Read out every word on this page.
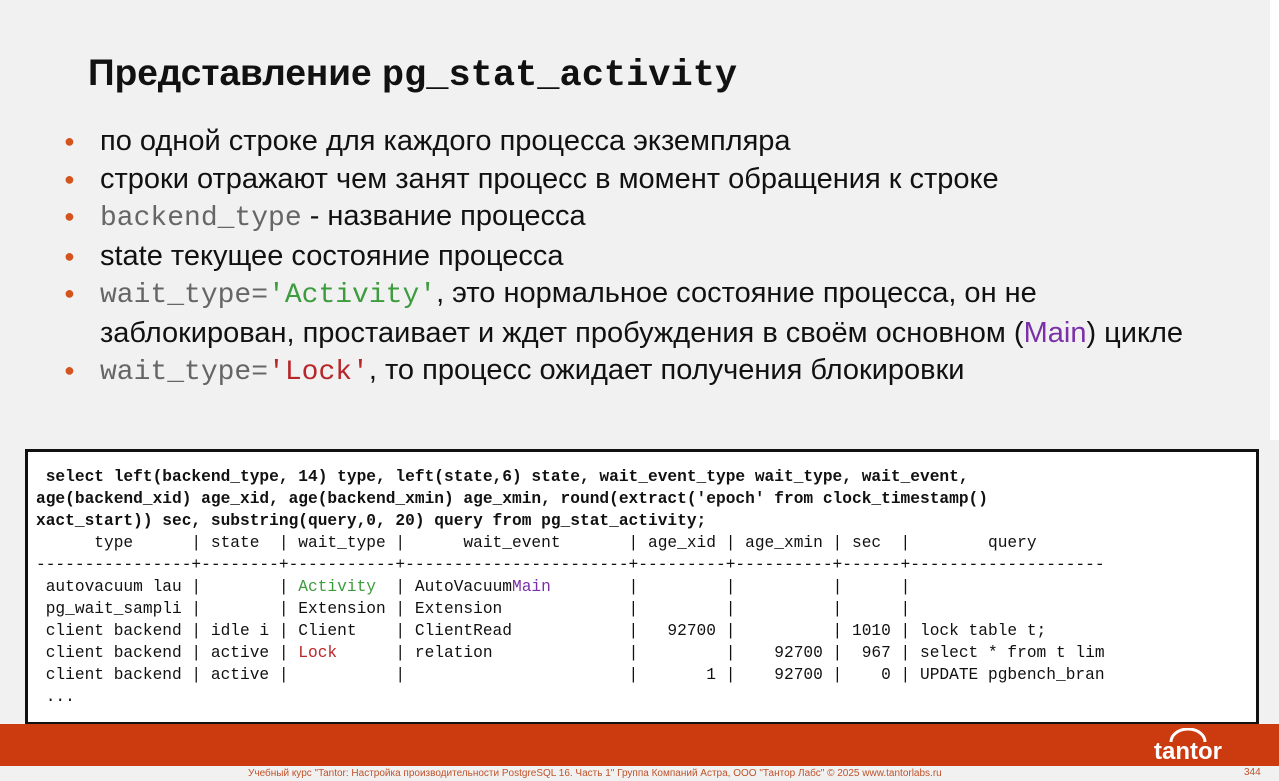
Представление pg_stat_activity
● по одной строке для каждого процесса экземпляра
● строки отражают чем занят процесс в момент обращения к строке
● backend_type - название процесса
● state текущее состояние процесса
● wait_type='Activity', это нормальное состояние процесса, он не заблокирован, простаивает и ждет пробуждения в своём основном (Main) цикле
● wait_type='Lock', то процесс ожидает получения блокировки
select left(backend_type, 14) type, left(state,6) state, wait_event_type wait_type, wait_event,
age(backend_xid) age_xid, age(backend_xmin) age_xmin, round(extract('epoch' from clock_timestamp()
xact_start)) sec, substring(query,0, 20) query from pg_stat_activity;
type      | state  | wait_type |      wait_event       | age_xid | age_xmin | sec  |        query
----------------+--------+-----------+-----------------------+---------+----------+------+--------------------
autovacuum lau |        | Activity  | AutoVacuumMain        |         |          |      |
pg_wait_sampli |        | Extension | Extension             |         |          |      |
client backend | idle i | Client    | ClientRead            |   92700 |          | 1010 | lock table t;
client backend | active | Lock      | relation              |         |    92700 |  967 | select * from t lim
client backend | active |           |                       |       1 |    92700 |    0 | UPDATE pgbench_bran
...
tantor
Учебный курс "Tantor: Настройка производительности PostgreSQL 16. Часть 1" Группа Компаний Астра, ООО "Тантор Лабс" © 2025 www.tantorlabs.ru	344
